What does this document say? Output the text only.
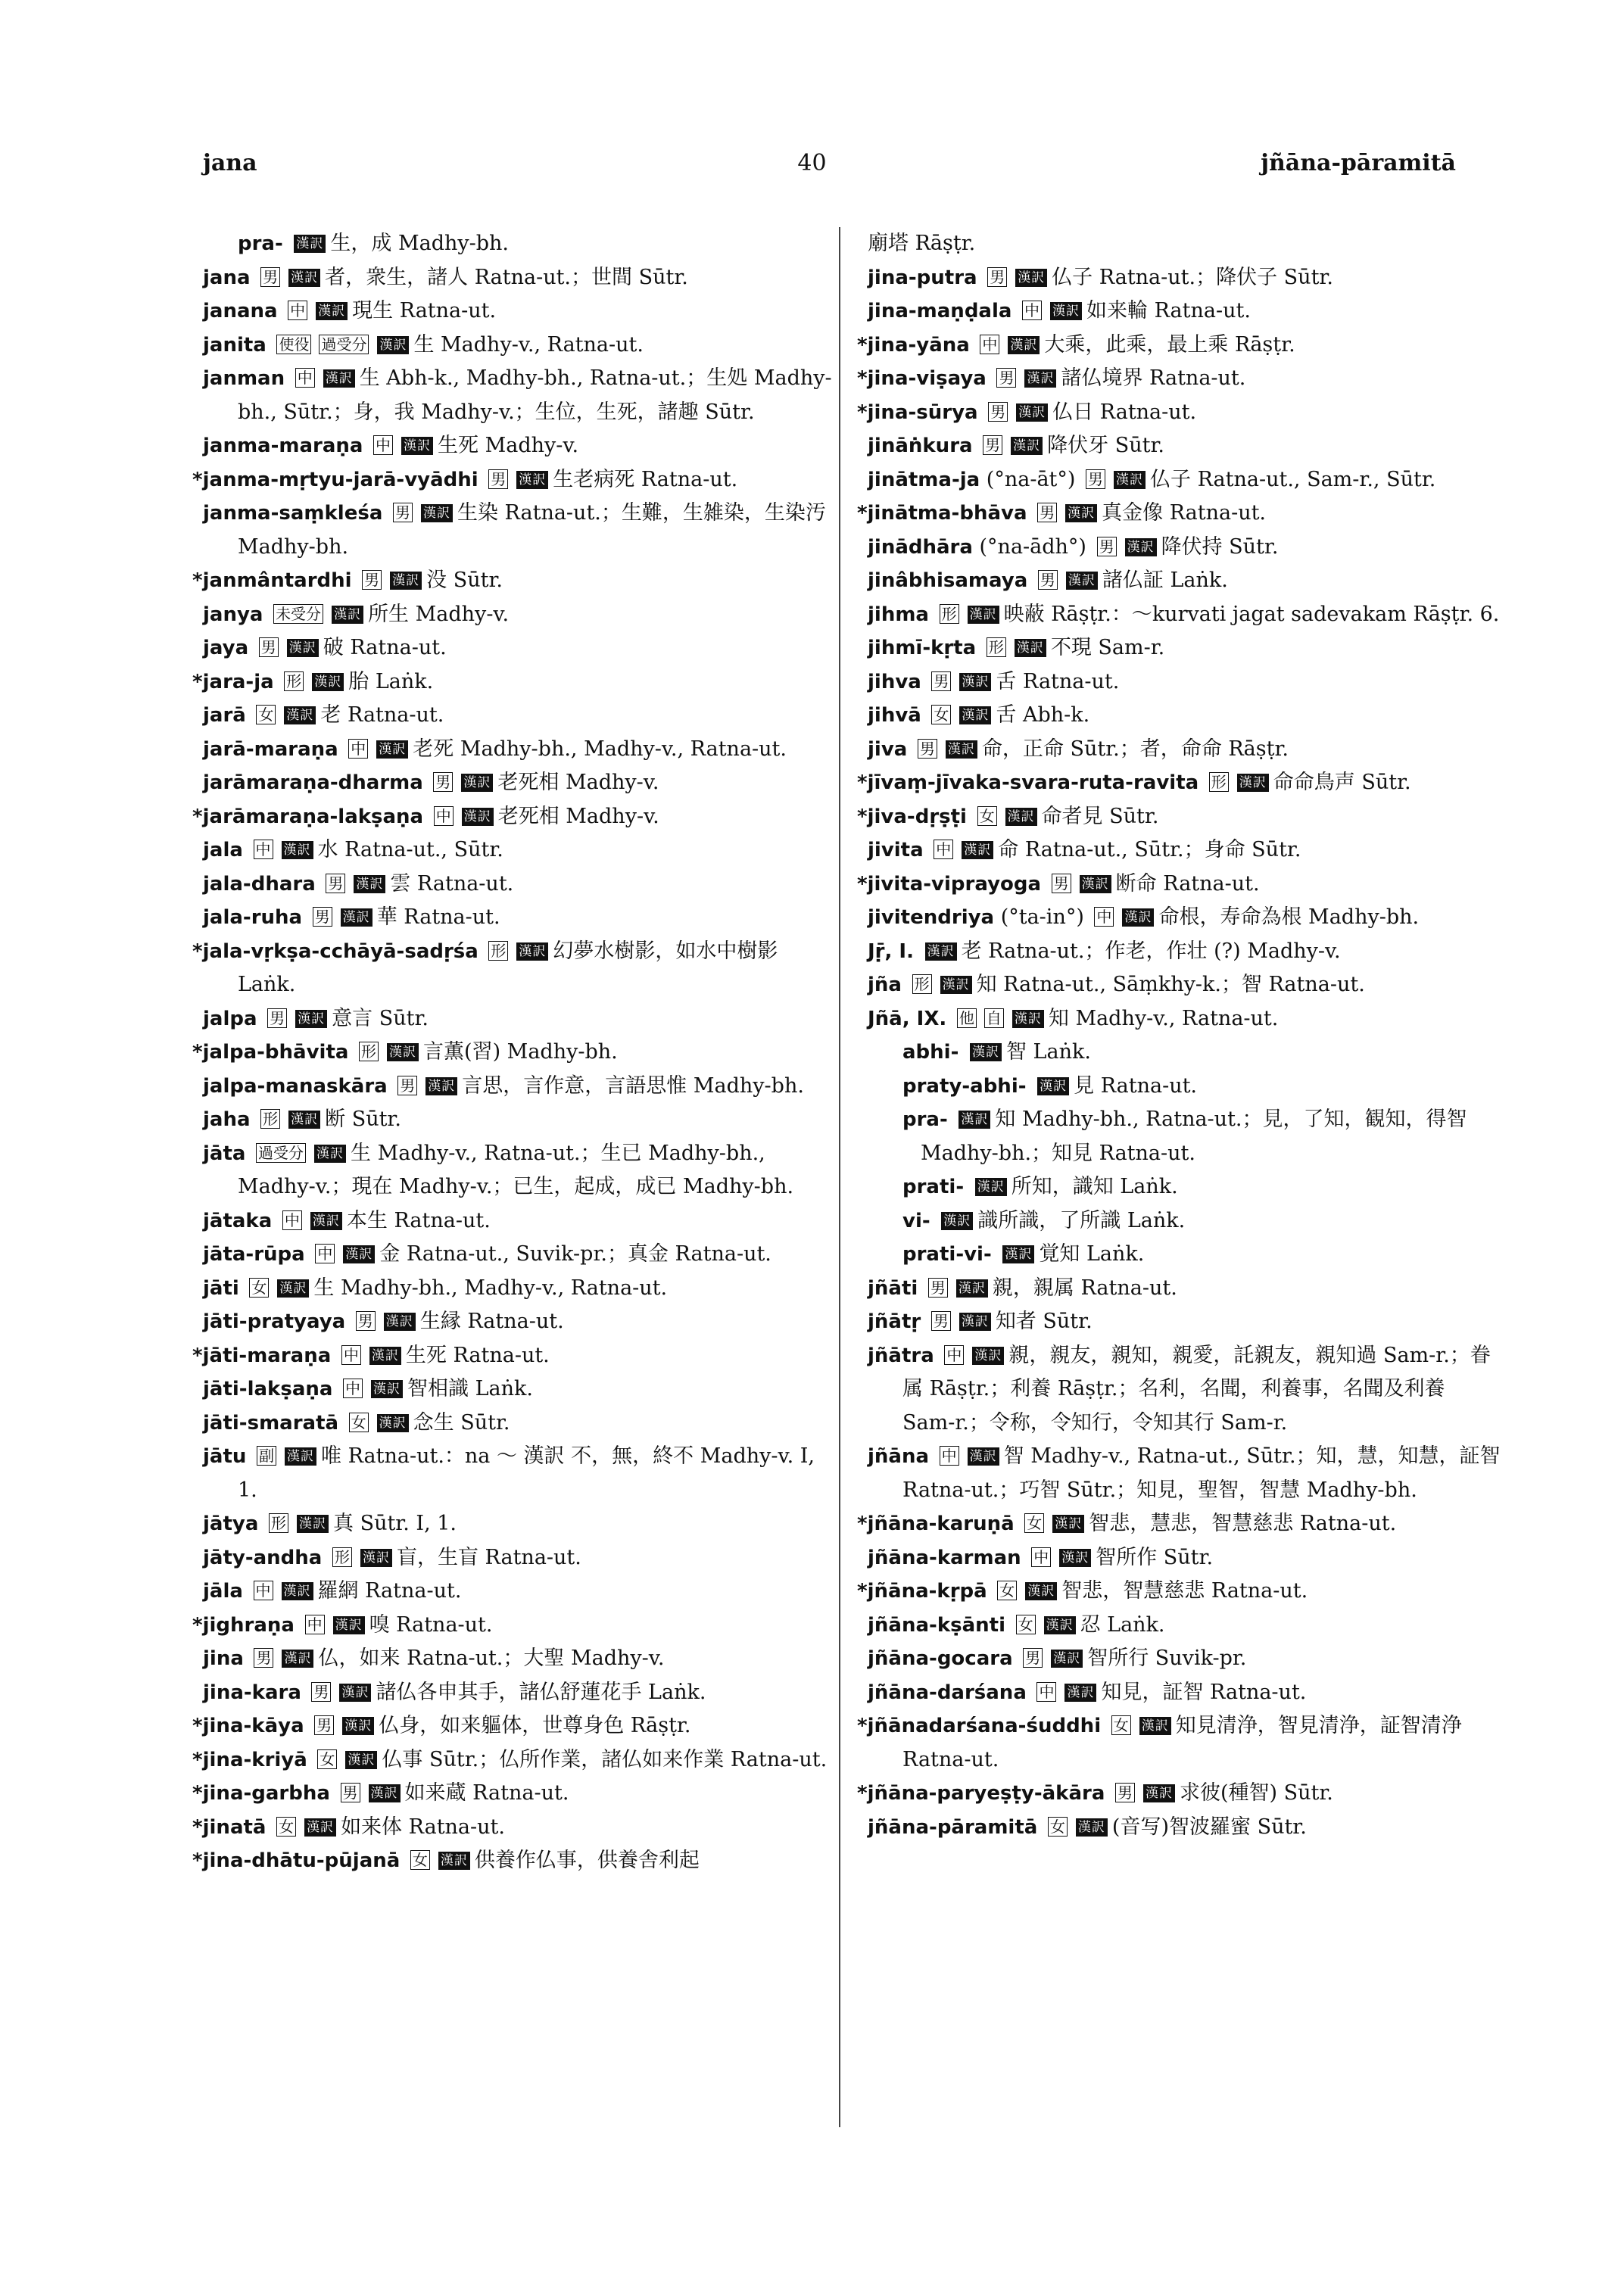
jana	40	jñāna-pāramitā

pra- 漢訳 生，成 Madhy-bh.

jana 男 漢訳 者，衆生，諸人 Ratna-ut.；世間 Sūtr.

janana 中 漢訳 現生 Ratna-ut.

janita 使役 過受分 漢訳 生 Madhy-v., Ratna-ut.

janman 中 漢訳 生 Abh-k., Madhy-bh., Ratna-ut.；生処 Madhy-bh., Sūtr.；身，我 Madhy-v.；生位，生死，諸趣 Sūtr.

janma-maraṇa 中 漢訳 生死 Madhy-v.

* janma-mṛtyu-jarā-vyādhi 男 漢訳 生老病死 Ratna-ut.

janma-saṃkleśa 男 漢訳 生染 Ratna-ut.；生難，生雑染，生染汚 Madhy-bh.

* janmântardhi 男 漢訳 没 Sūtr.

janya 未受分 漢訳 所生 Madhy-v.

jaya 男 漢訳 破 Ratna-ut.

* jara-ja 形 漢訳 胎 Laṅk.

jarā 女 漢訳 老 Ratna-ut.

jarā-maraṇa 中 漢訳 老死 Madhy-bh., Madhy-v., Ratna-ut.

jarāmaraṇa-dharma 男 漢訳 老死相 Madhy-v.

* jarāmaraṇa-lakṣaṇa 中 漢訳 老死相 Madhy-v.

jala 中 漢訳 水 Ratna-ut., Sūtr.

jala-dhara 男 漢訳 雲 Ratna-ut.

jala-ruha 男 漢訳 華 Ratna-ut.

* jala-vṛkṣa-cchāyā-sadṛśa 形 漢訳 幻夢水樹影，如水中樹影 Laṅk.

jalpa 男 漢訳 意言 Sūtr.

* jalpa-bhāvita 形 漢訳 言薫(習) Madhy-bh.

jalpa-manaskāra 男 漢訳 言思，言作意，言語思惟 Madhy-bh.

jaha 形 漢訳 断 Sūtr.

jāta 過受分 漢訳 生 Madhy-v., Ratna-ut.；生已 Madhy-bh., Madhy-v.；現在 Madhy-v.；已生，起成，成已 Madhy-bh.

jātaka 中 漢訳 本生 Ratna-ut.

jāta-rūpa 中 漢訳 金 Ratna-ut., Suvik-pr.；真金 Ratna-ut.

jāti 女 漢訳 生 Madhy-bh., Madhy-v., Ratna-ut.

jāti-pratyaya 男 漢訳 生縁 Ratna-ut.

* jāti-maraṇa 中 漢訳 生死 Ratna-ut.

jāti-lakṣaṇa 中 漢訳 智相識 Laṅk.

jāti-smaratā 女 漢訳 念生 Sūtr.

jātu 副 漢訳 唯 Ratna-ut.：na ～ 漢訳 不，無，終不 Madhy-v. I, 1.

jātya 形 漢訳 真 Sūtr. I, 1.

jāty-andha 形 漢訳 盲，生盲 Ratna-ut.

jāla 中 漢訳 羅網 Ratna-ut.

* jighraṇa 中 漢訳 嗅 Ratna-ut.

jina 男 漢訳 仏，如来 Ratna-ut.；大聖 Madhy-v.

jina-kara 男 漢訳 諸仏各申其手，諸仏舒蓮花手 Laṅk.

* jina-kāya 男 漢訳 仏身，如来軀体，世尊身色 Rāṣṭr.

* jina-kriyā 女 漢訳 仏事 Sūtr.；仏所作業，諸仏如来作業 Ratna-ut.

* jina-garbha 男 漢訳 如来蔵 Ratna-ut.

* jinatā 女 漢訳 如来体 Ratna-ut.

* jina-dhātu-pūjanā 女 漢訳 供養作仏事，供養舎利起

廟塔 Rāṣṭr.

jina-putra 男 漢訳 仏子 Ratna-ut.；降伏子 Sūtr.

jina-maṇḍala 中 漢訳 如来輪 Ratna-ut.

* jina-yāna 中 漢訳 大乘，此乘，最上乘 Rāṣṭr.

* jina-viṣaya 男 漢訳 諸仏境界 Ratna-ut.

* jina-sūrya 男 漢訳 仏日 Ratna-ut.

jināṅkura 男 漢訳 降伏牙 Sūtr.

jinātma-ja (°na-āt°) 男 漢訳 仏子 Ratna-ut., Sam-r., Sūtr.

* jinātma-bhāva 男 漢訳 真金像 Ratna-ut.

jinādhāra (°na-ādh°) 男 漢訳 降伏持 Sūtr.

jinâbhisamaya 男 漢訳 諸仏証 Laṅk.

jihma 形 漢訳 映蔽 Rāṣṭr.：～kurvati jagat sadevakam Rāṣṭr. 6.

jihmī-kṛta 形 漢訳 不現 Sam-r.

jihva 男 漢訳 舌 Ratna-ut.

jihvā 女 漢訳 舌 Abh-k.

jiva 男 漢訳 命，正命 Sūtr.；者，命命 Rāṣṭr.

* jīvaṃ-jīvaka-svara-ruta-ravita 形 漢訳 命命鳥声 Sūtr.

* jiva-dṛṣṭi 女 漢訳 命者見 Sūtr.

jivita 中 漢訳 命 Ratna-ut., Sūtr.；身命 Sūtr.

* jivita-viprayoga 男 漢訳 断命 Ratna-ut.

jivitendriya (°ta-in°) 中 漢訳 命根，寿命為根 Madhy-bh.

Jṝ, I. 漢訳 老 Ratna-ut.；作老，作壮 (?) Madhy-v.

jña 形 漢訳 知 Ratna-ut., Sāṃkhy-k.；智 Ratna-ut.

Jñā, IX. 他 自 漢訳 知 Madhy-v., Ratna-ut.

abhi- 漢訳 智 Laṅk.

praty-abhi- 漢訳 見 Ratna-ut.

pra- 漢訳 知 Madhy-bh., Ratna-ut.；見，了知，観知，得智 Madhy-bh.；知見 Ratna-ut.

prati- 漢訳 所知，識知 Laṅk.

vi- 漢訳 識所識，了所識 Laṅk.

prati-vi- 漢訳 覚知 Laṅk.

jñāti 男 漢訳 親，親属 Ratna-ut.

jñātṛ 男 漢訳 知者 Sūtr.

jñātra 中 漢訳 親，親友，親知，親愛，託親友，親知過 Sam-r.；眷属 Rāṣṭr.；利養 Rāṣṭr.；名利，名聞，利養事，名聞及利養 Sam-r.；令称，令知行，令知其行 Sam-r.

jñāna 中 漢訳 智 Madhy-v., Ratna-ut., Sūtr.；知，慧，知慧，証智 Ratna-ut.；巧智 Sūtr.；知見，聖智，智慧 Madhy-bh.

* jñāna-karuṇā 女 漢訳 智悲，慧悲，智慧慈悲 Ratna-ut.

jñāna-karman 中 漢訳 智所作 Sūtr.

* jñāna-kṛpā 女 漢訳 智悲，智慧慈悲 Ratna-ut.

jñāna-kṣānti 女 漢訳 忍 Laṅk.

jñāna-gocara 男 漢訳 智所行 Suvik-pr.

jñāna-darśana 中 漢訳 知見，証智 Ratna-ut.

* jñānadarśana-śuddhi 女 漢訳 知見清浄，智見清浄，証智清浄 Ratna-ut.

* jñāna-paryeṣṭy-ākāra 男 漢訳 求彼(種智) Sūtr.

jñāna-pāramitā 女 漢訳 (音写)智波羅蜜 Sūtr.
